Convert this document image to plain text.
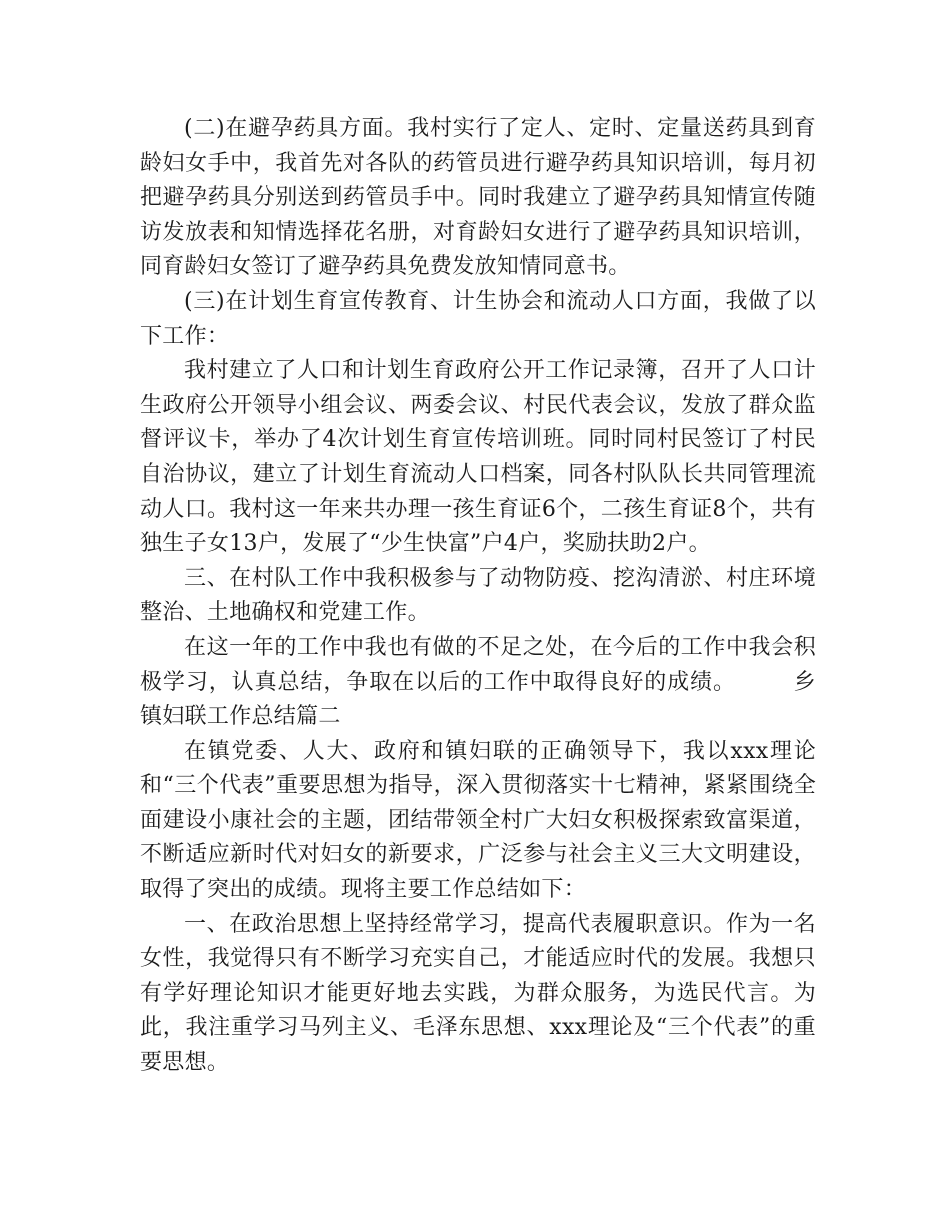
(二)在避孕药具方面。我村实行了定人、定时、定量送药具到育龄妇女手中，我首先对各队的药管员进行避孕药具知识培训，每月初把避孕药具分别送到药管员手中。同时我建立了避孕药具知情宣传随访发放表和知情选择花名册，对育龄妇女进行了避孕药具知识培训，同育龄妇女签订了避孕药具免费发放知情同意书。

(三)在计划生育宣传教育、计生协会和流动人口方面，我做了以下工作：

我村建立了人口和计划生育政府公开工作记录簿，召开了人口计生政府公开领导小组会议、两委会议、村民代表会议，发放了群众监督评议卡，举办了4次计划生育宣传培训班。同时同村民签订了村民自治协议，建立了计划生育流动人口档案，同各村队队长共同管理流动人口。我村这一年来共办理一孩生育证6个，二孩生育证8个，共有独生子女13户，发展了“少生快富”户4户，奖励扶助2户。

三、在村队工作中我积极参与了动物防疫、挖沟清淤、村庄环境整治、土地确权和党建工作。

在这一年的工作中我也有做的不足之处，在今后的工作中我会积极学习，认真总结，争取在以后的工作中取得良好的成绩。　　　乡镇妇联工作总结篇二

在镇党委、人大、政府和镇妇联的正确领导下，我以xxx理论和“三个代表”重要思想为指导，深入贯彻落实十七精神，紧紧围绕全面建设小康社会的主题，团结带领全村广大妇女积极探索致富渠道，不断适应新时代对妇女的新要求，广泛参与社会主义三大文明建设，取得了突出的成绩。现将主要工作总结如下：

一、在政治思想上坚持经常学习，提高代表履职意识。作为一名女性，我觉得只有不断学习充实自己，才能适应时代的发展。我想只有学好理论知识才能更好地去实践，为群众服务，为选民代言。为此，我注重学习马列主义、毛泽东思想、xxx理论及“三个代表”的重要思想。
